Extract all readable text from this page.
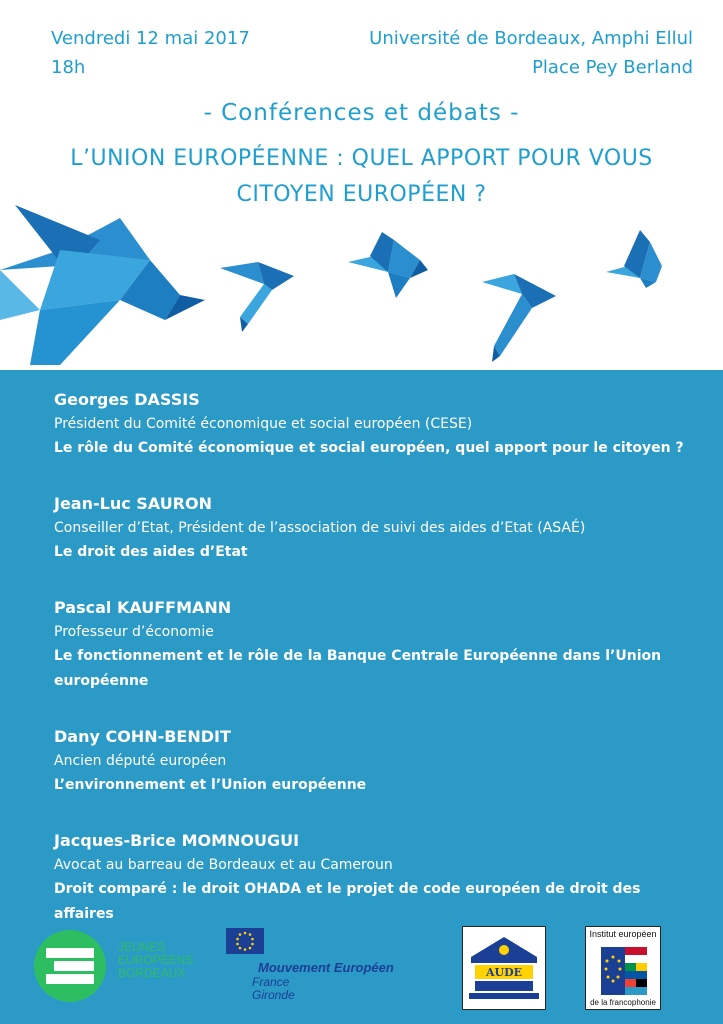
Vendredi 12 mai 2017
18h
Université de Bordeaux, Amphi Ellul
Place Pey Berland
- Conférences et débats -
L’UNION EUROPÉENNE : QUEL APPORT POUR VOUS
CITOYEN EUROPÉEN ?
Georges DASSIS
Président du Comité économique et social européen (CESE)
Le rôle du Comité économique et social européen, quel apport pour le citoyen ?
Jean-Luc SAURON
Conseiller d’Etat, Président de l’association de suivi des aides d’Etat (ASAÉ)
Le droit des aides d’Etat
Pascal KAUFFMANN
Professeur d’économie
Le fonctionnement et le rôle de la Banque Centrale Européenne dans l’Union européenne
Dany COHN-BENDIT
Ancien député européen
L’environnement et l’Union européenne
Jacques-Brice MOMNOUGUI
Avocat au barreau de Bordeaux et au Cameroun
Droit comparé : le droit OHADA et le projet de code européen de droit des affaires
JEUNES
EUROPÉENS
BORDEAUX	Mouvement Européen
France
Gironde
AUDE
Institut européen
de la francophonie
